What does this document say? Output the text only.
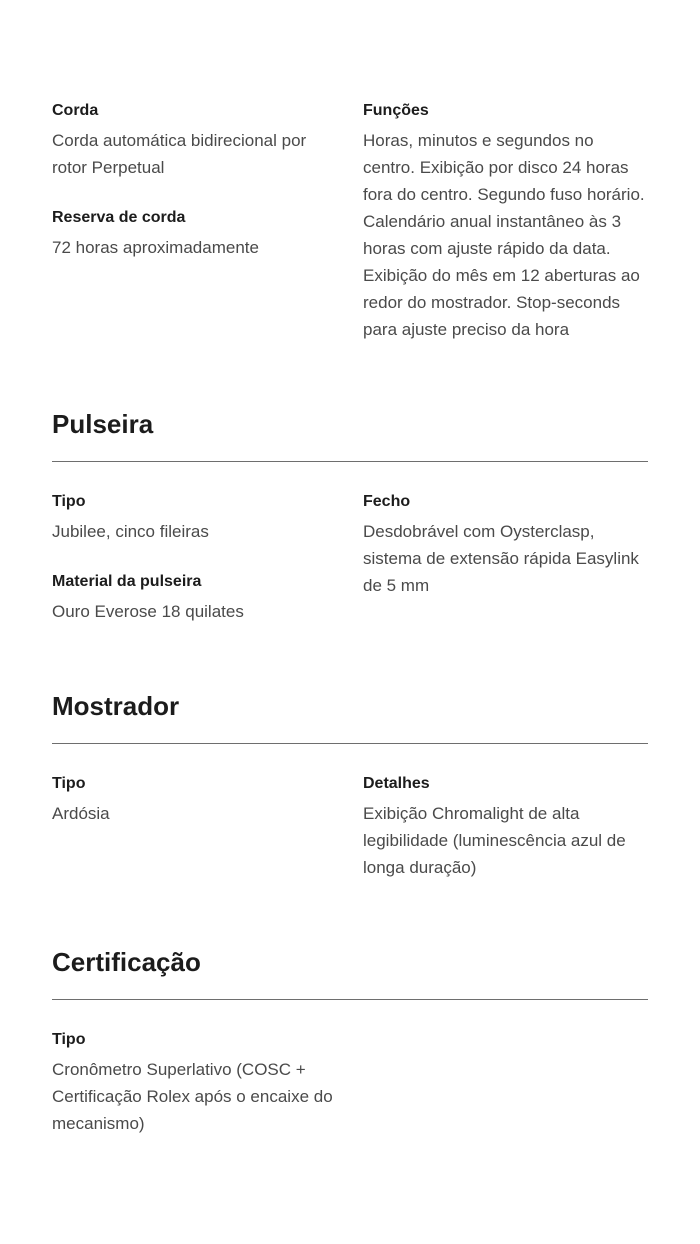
Corda

Corda automática bidirecional por rotor Perpetual

Reserva de corda

72 horas aproximadamente

Funções

Horas, minutos e segundos no centro. Exibição por disco 24 horas fora do centro. Segundo fuso horário. Calendário anual instantâneo às 3 horas com ajuste rápido da data. Exibição do mês em 12 aberturas ao redor do mostrador. Stop-seconds para ajuste preciso da hora

Pulseira

Tipo

Jubilee, cinco fileiras

Material da pulseira

Ouro Everose 18 quilates

Fecho

Desdobrável com Oysterclasp, sistema de extensão rápida Easylink de 5 mm

Mostrador

Tipo

Ardósia

Detalhes

Exibição Chromalight de alta legibilidade (luminescência azul de longa duração)

Certificação

Tipo

Cronômetro Superlativo (COSC + Certificação Rolex após o encaixe do mecanismo)
